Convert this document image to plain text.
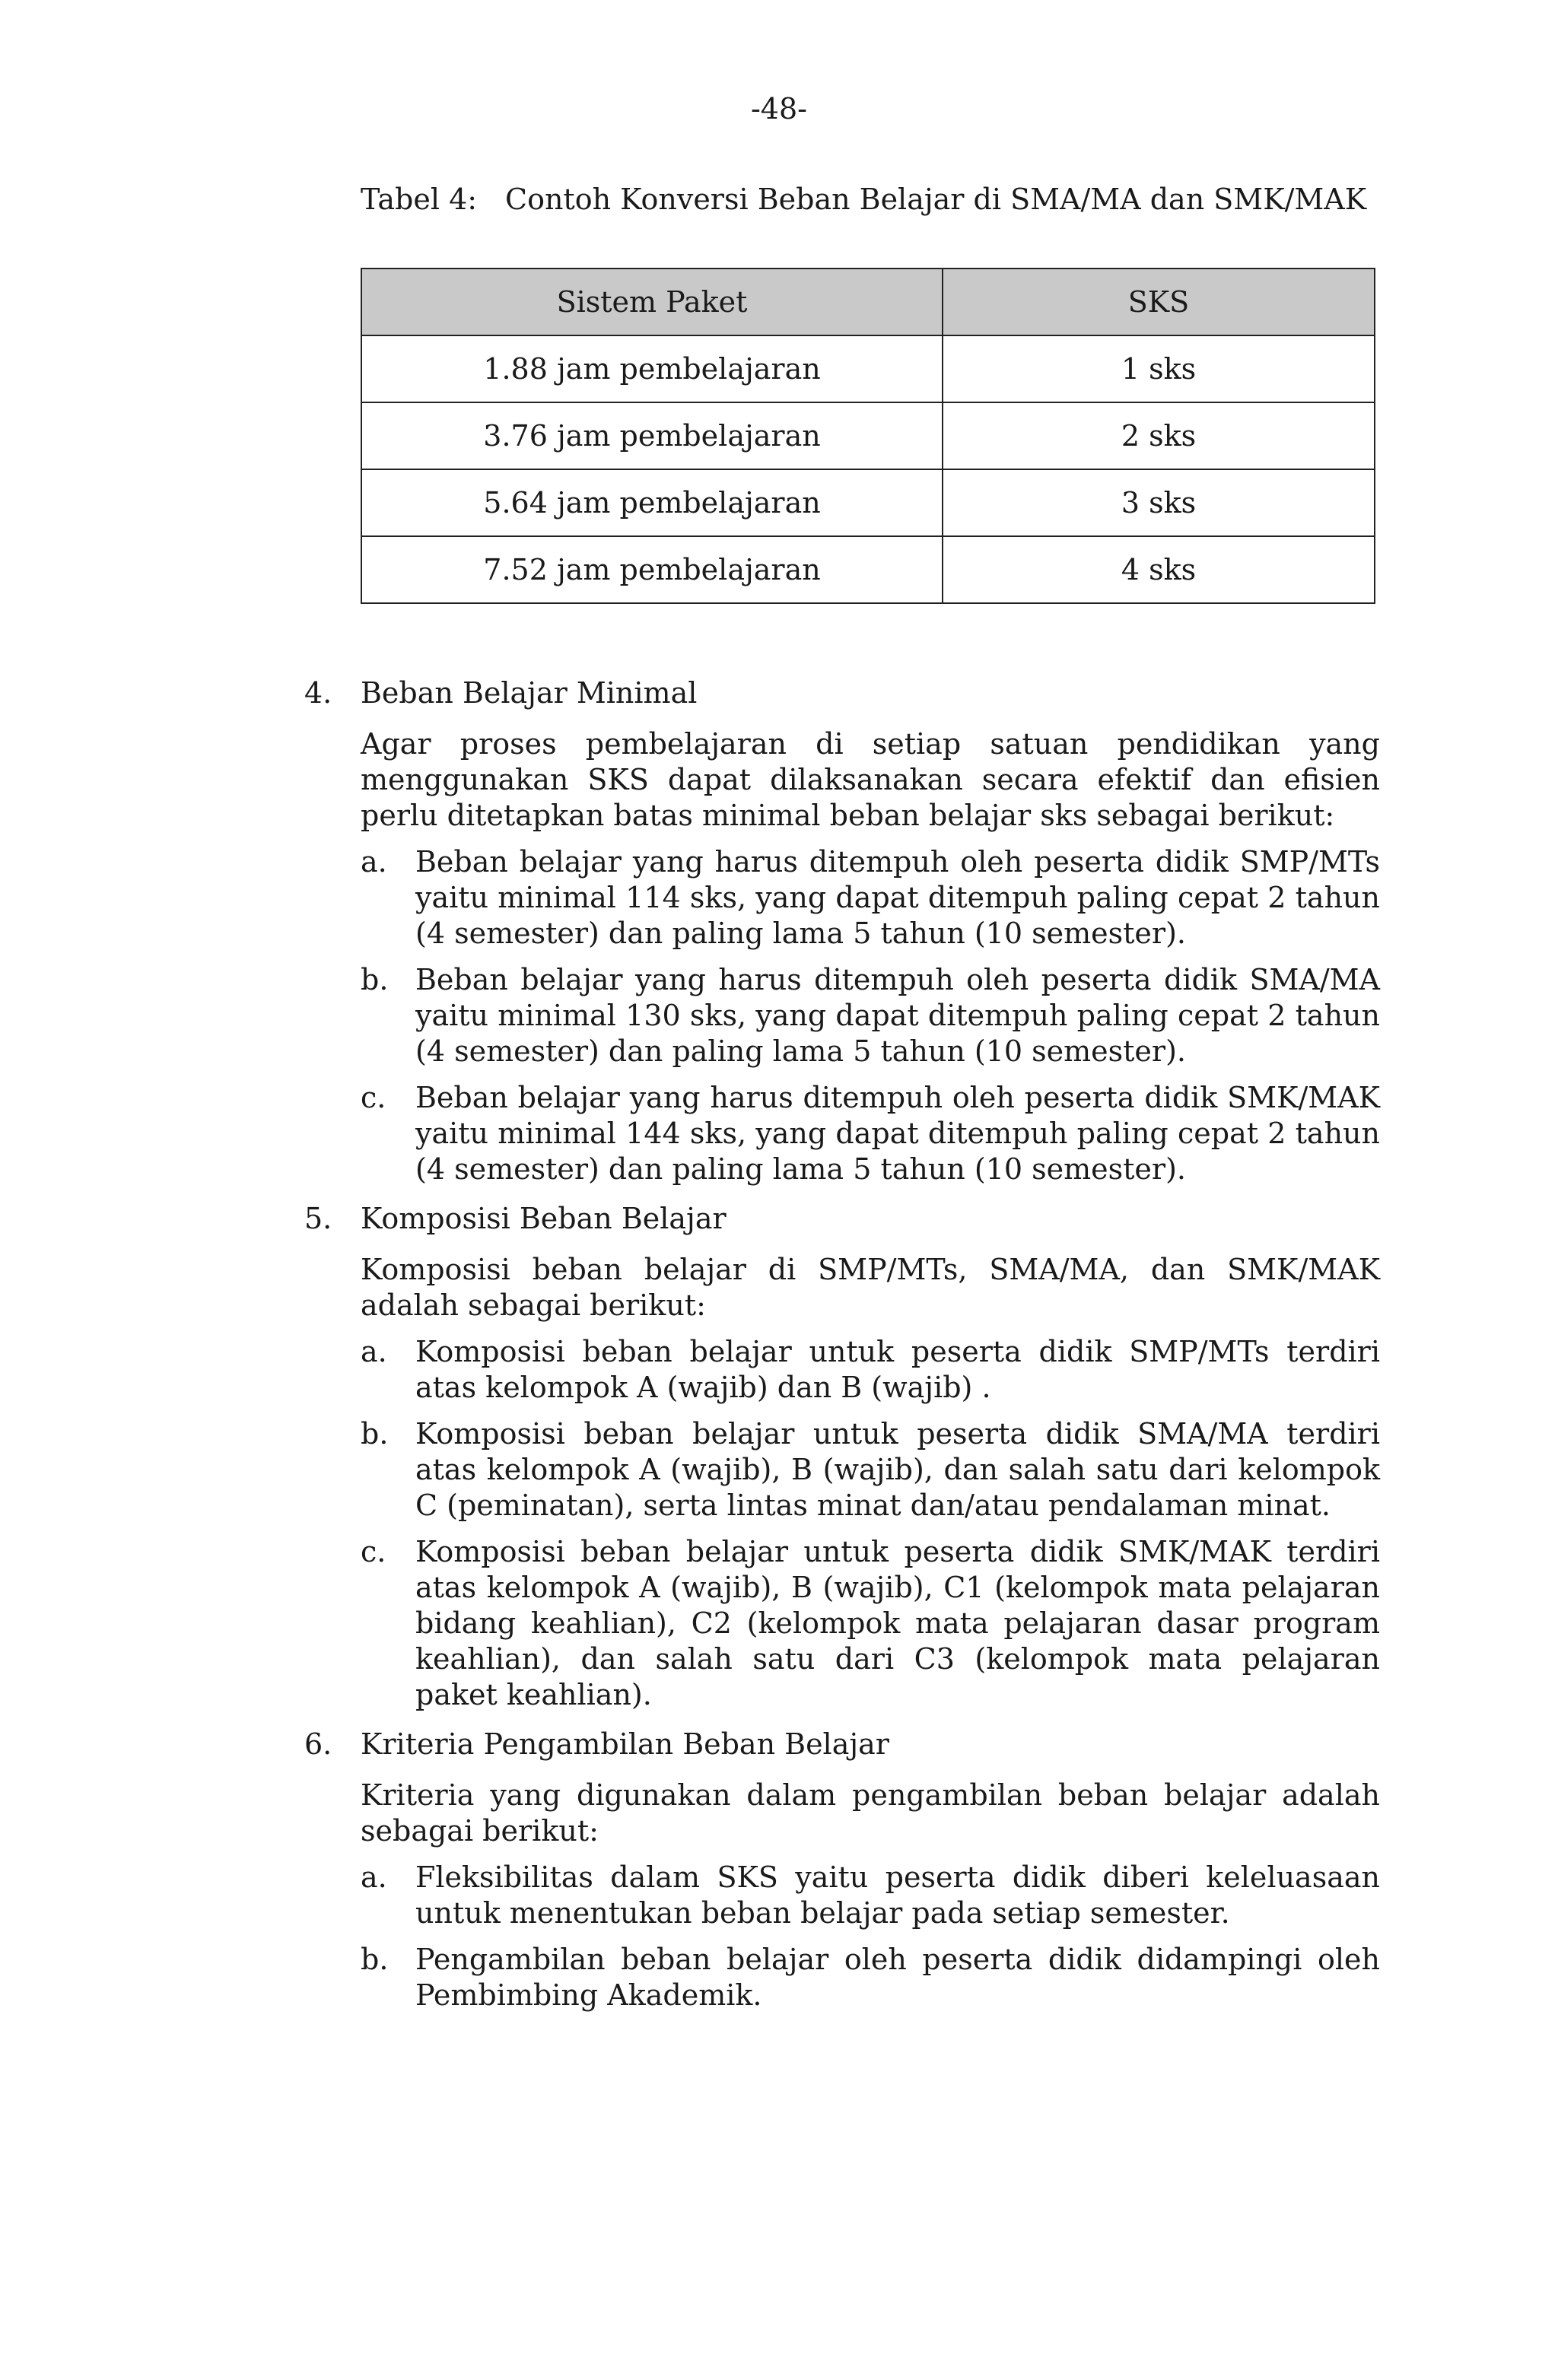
-48-
Tabel 4: Contoh Konversi Beban Belajar di SMA/MA dan SMK/MAK
Sistem Paket	SKS
1.88 jam pembelajaran	1 sks
3.76 jam pembelajaran	2 sks
5.64 jam pembelajaran	3 sks
7.52 jam pembelajaran	4 sks
4. Beban Belajar Minimal
Agar proses pembelajaran di setiap satuan pendidikan yang menggunakan SKS dapat dilaksanakan secara efektif dan efisien perlu ditetapkan batas minimal beban belajar sks sebagai berikut:
a. Beban belajar yang harus ditempuh oleh peserta didik SMP/MTs yaitu minimal 114 sks, yang dapat ditempuh paling cepat 2 tahun (4 semester) dan paling lama 5 tahun (10 semester).
b. Beban belajar yang harus ditempuh oleh peserta didik SMA/MA yaitu minimal 130 sks, yang dapat ditempuh paling cepat 2 tahun (4 semester) dan paling lama 5 tahun (10 semester).
c.	Beban belajar yang harus ditempuh oleh peserta didik SMK/MAK yaitu minimal 144 sks, yang dapat ditempuh paling cepat 2 tahun (4 semester) dan paling lama 5 tahun (10 semester).
5. Komposisi Beban Belajar
Komposisi beban belajar di SMP/MTs, SMA/MA, dan SMK/MAK adalah sebagai berikut:
a. Komposisi beban belajar untuk peserta didik SMP/MTs terdiri atas kelompok A (wajib) dan B (wajib) .
b. Komposisi beban belajar untuk peserta didik SMA/MA terdiri atas kelompok A (wajib), B (wajib), dan salah satu dari kelompok C (peminatan), serta lintas minat dan/atau pendalaman minat.
c.	Komposisi beban belajar untuk peserta didik SMK/MAK terdiri atas kelompok A (wajib), B (wajib), C1 (kelompok mata pelajaran bidang keahlian), C2 (kelompok mata pelajaran dasar program keahlian), dan salah satu dari C3 (kelompok mata pelajaran paket keahlian).
6. Kriteria Pengambilan Beban Belajar
Kriteria yang digunakan dalam pengambilan beban belajar adalah sebagai berikut:
a. Fleksibilitas dalam SKS yaitu peserta didik diberi keleluasaan untuk menentukan beban belajar pada setiap semester.
b. Pengambilan beban belajar oleh peserta didik didampingi oleh Pembimbing Akademik.
